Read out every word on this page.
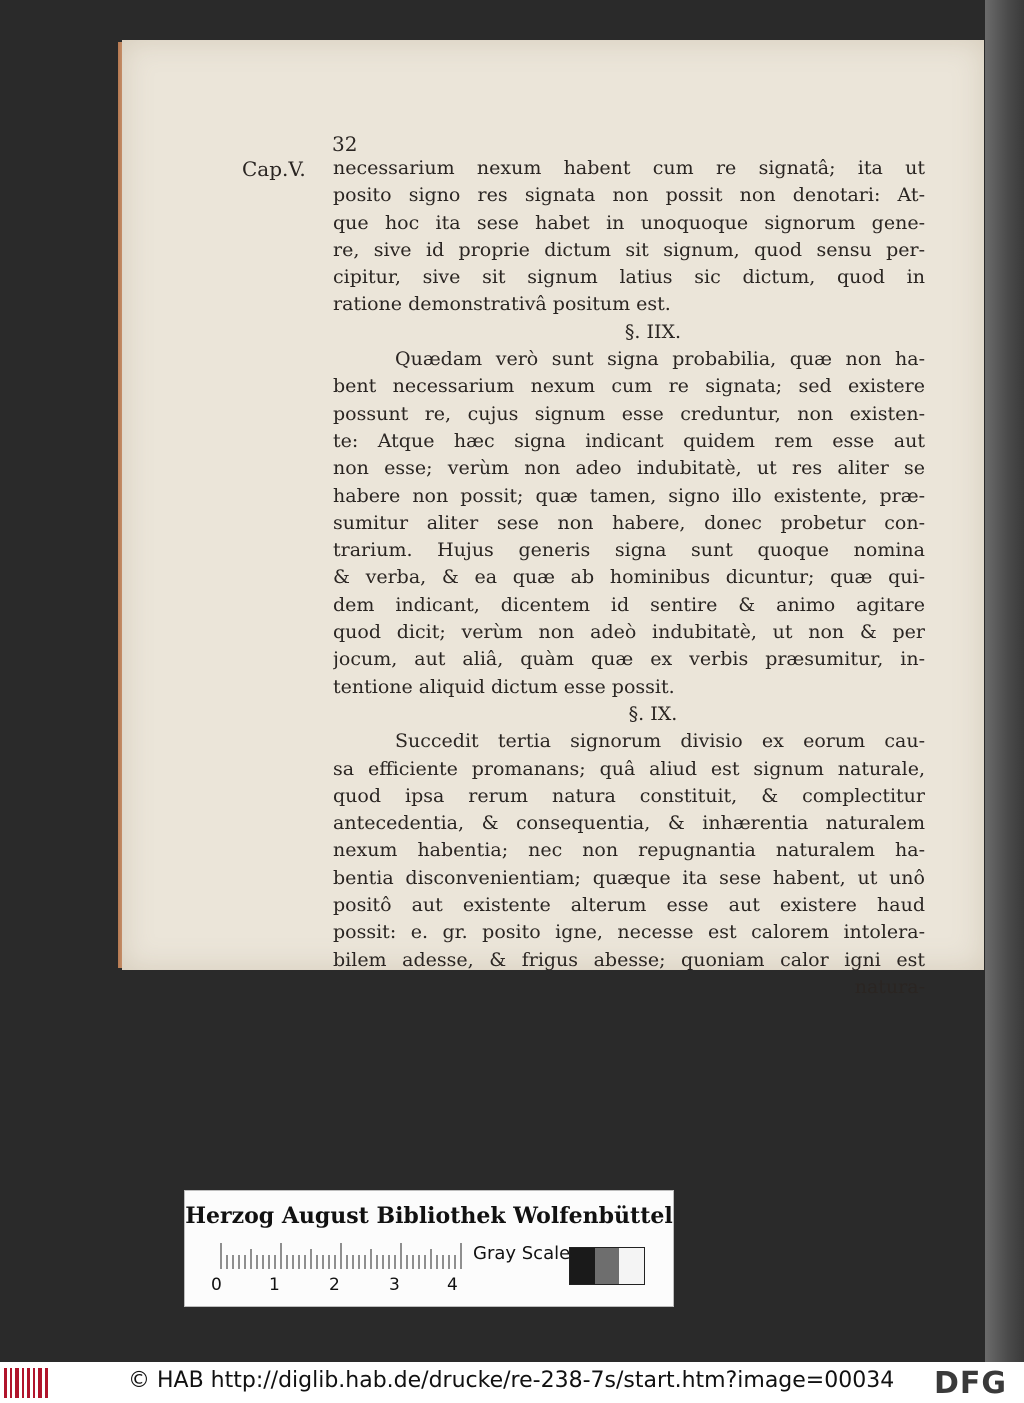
32
Cap.V. necessarium nexum habent cum re signatâ; ita ut
posito signo res signata non possit non denotari: At-
que hoc ita sese habet in unoquoque signorum gene-
re, sive id proprie dictum sit signum, quod sensu per-
cipitur, sive sit signum latius sic dictum, quod in
ratione demonstrativâ positum est.
§. IIX.
Quædam verò sunt signa probabilia, quæ non ha-
bent necessarium nexum cum re signata; sed existere
possunt re, cujus signum esse creduntur, non existen-
te: Atque hæc signa indicant quidem rem esse aut
non esse; verùm non adeo indubitatè, ut res aliter se
habere non possit; quæ tamen, signo illo existente, præ-
sumitur aliter sese non habere, donec probetur con-
trarium. Hujus generis signa sunt quoque nomina
& verba, & ea quæ ab hominibus dicuntur; quæ qui-
dem indicant, dicentem id sentire & animo agitare
quod dicit; verùm non adeò indubitatè, ut non & per
jocum, aut aliâ, quàm quæ ex verbis præsumitur, in-
tentione aliquid dictum esse possit.
§. IX.
Succedit tertia signorum divisio ex eorum cau-
sa efficiente promanans; quâ aliud est signum naturale,
quod ipsa rerum natura constituit, & complectitur
antecedentia, & consequentia, & inhærentia naturalem
nexum habentia; nec non repugnantia naturalem ha-
bentia disconvenientiam; quæque ita sese habent, ut unô
positô aut existente alterum esse aut existere haud
possit: e. gr. posito igne, necesse est calorem intolera-
bilem adesse, & frigus abesse; quoniam calor igni est
natura-
Herzog August Bibliothek Wolfenbüttel
0	1	2	3	4
Gray Scale
© HAB http://diglib.hab.de/drucke/re-238-7s/start.htm?image=00034 DFG
